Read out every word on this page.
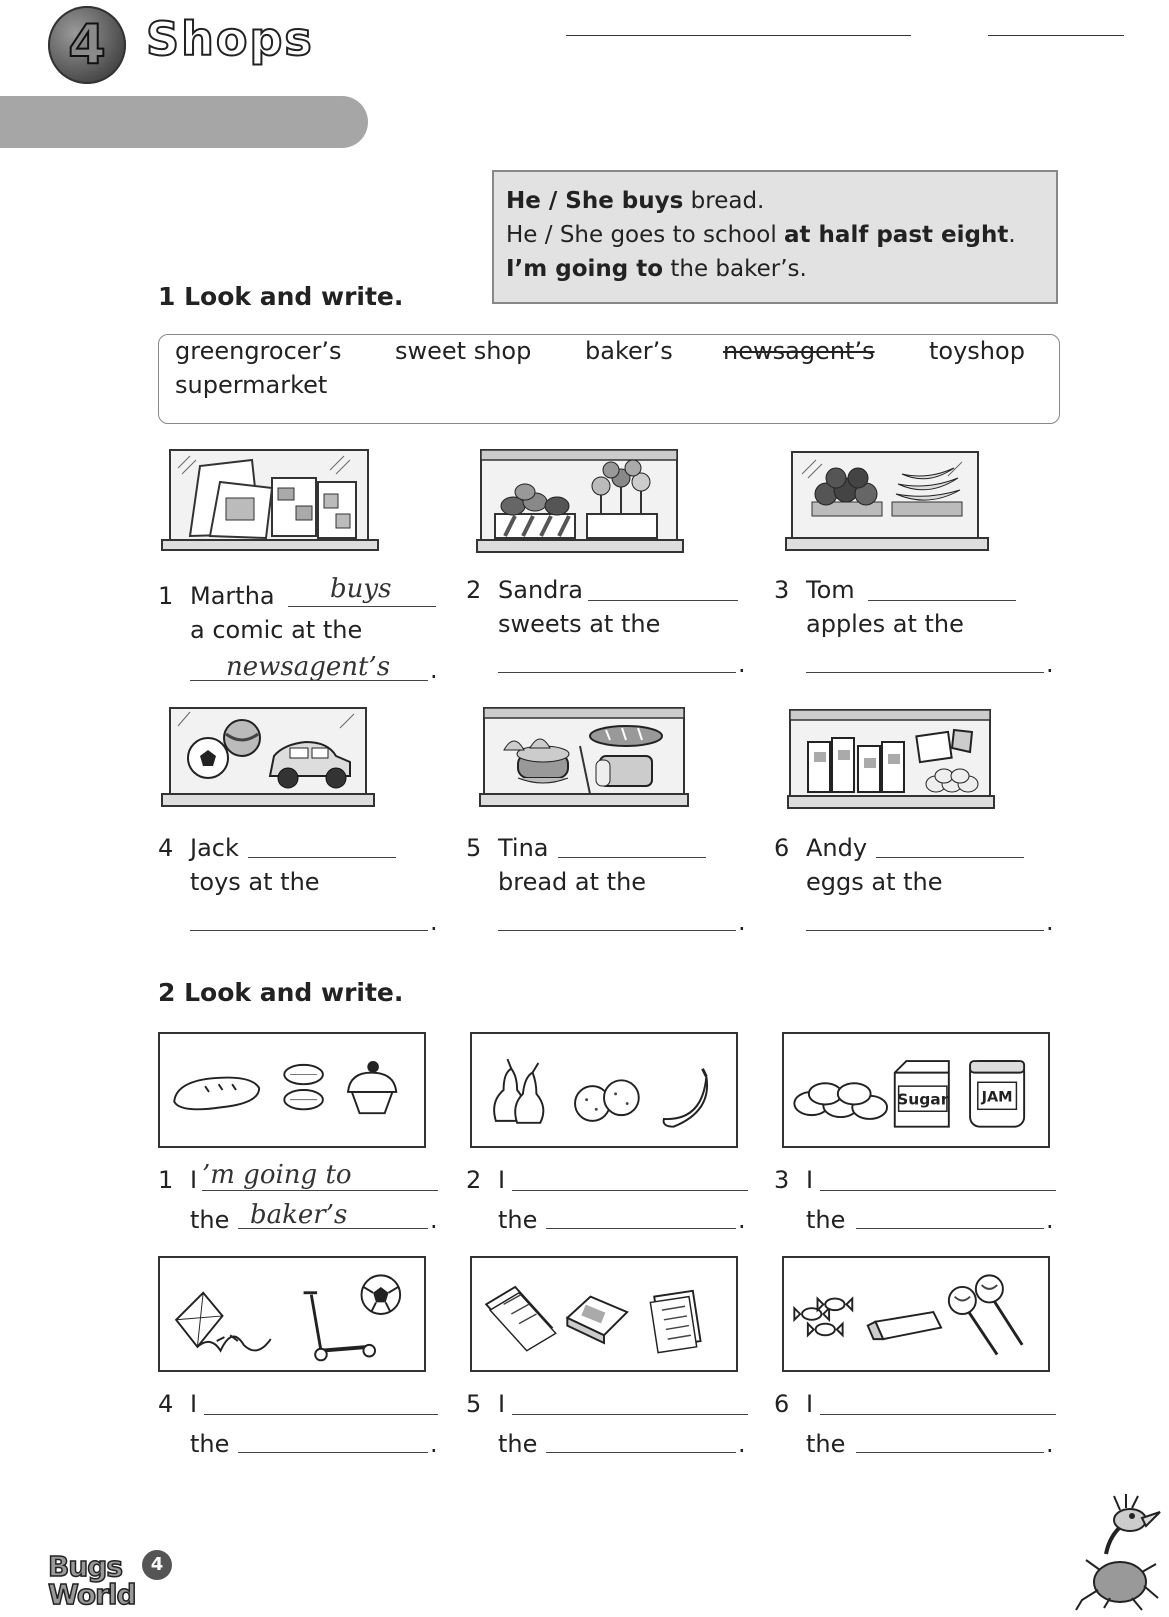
4 Shops
He / She buys bread.
He / She goes to school at half past eight.
I’m going to the baker’s.
1 Look and write.
greengrocer’s sweet shop baker’s newsagent’s toyshop
supermarket
1 Martha buys
a comic at the
newsagent’s .
2 Sandra
sweets at the
.
3 Tom
apples at the
.
4 Jack
toys at the
.
5 Tina
bread at the
.
6 Andy
eggs at the
.
2 Look and write.
Sugar JAM
1 I ’m going to
the baker’s	.
2 I
the	.
3 I
the	.
4 I
the	.
5 I
the	.
6 I
the	.
Bugs
World
4
